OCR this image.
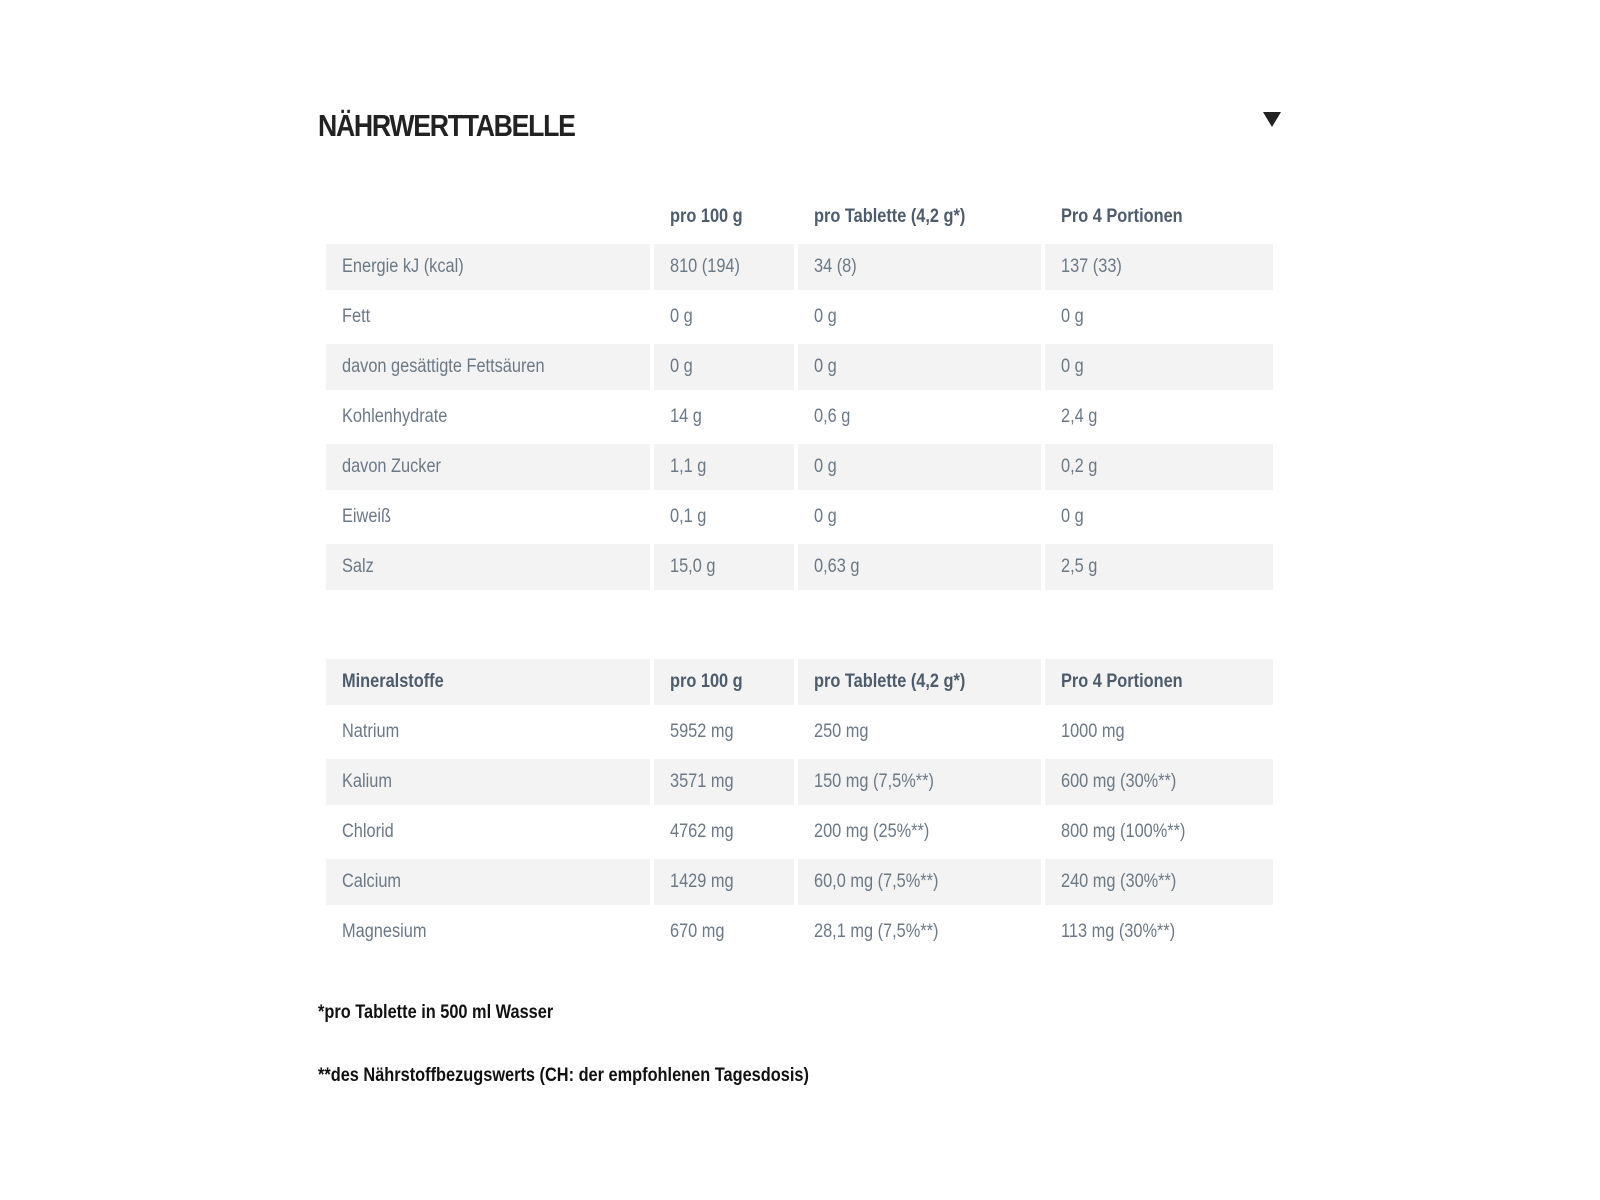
NÄHRWERTTABELLE
	pro 100 g	pro Tablette (4,2 g*)	Pro 4 Portionen
Energie kJ (kcal)	810 (194)	34 (8)	137 (33)
Fett	0 g	0 g	0 g
davon gesättigte Fettsäuren	0 g	0 g	0 g
Kohlenhydrate	14 g	0,6 g	2,4 g
davon Zucker	1,1 g	0 g	0,2 g
Eiweiß	0,1 g	0 g	0 g
Salz	15,0 g	0,63 g	2,5 g
Mineralstoffe	pro 100 g	pro Tablette (4,2 g*)	Pro 4 Portionen
Natrium	5952 mg	250 mg	1000 mg
Kalium	3571 mg	150 mg (7,5%**)	600 mg (30%**)
Chlorid	4762 mg	200 mg (25%**)	800 mg (100%**)
Calcium	1429 mg	60,0 mg (7,5%**)	240 mg (30%**)
Magnesium	670 mg	28,1 mg (7,5%**)	113 mg (30%**)
*pro Tablette in 500 ml Wasser
**des Nährstoffbezugswerts (CH: der empfohlenen Tagesdosis)
